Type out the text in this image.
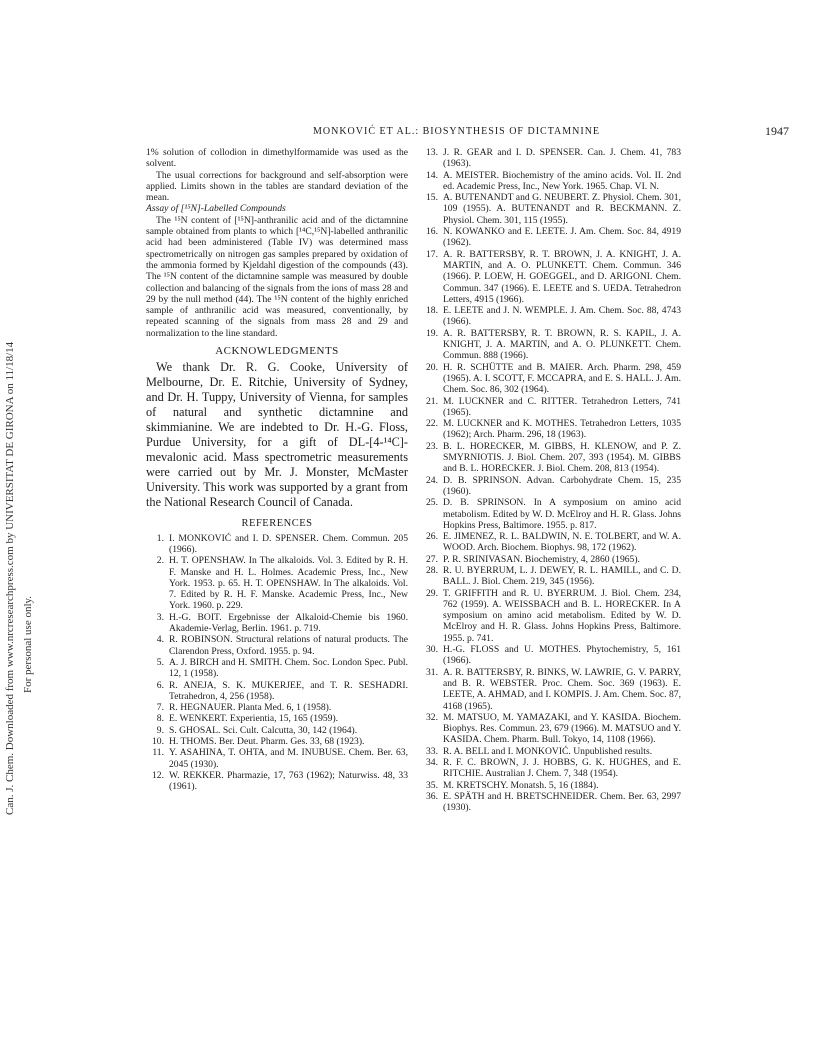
Can. J. Chem. Downloaded from www.nrcresearchpress.com by UNIVERSITAT DE GIRONA on 11/18/14 For personal use only.
MONKOVIĆ ET AL.: BIOSYNTHESIS OF DICTAMNINE	1947

1% solution of collodion in dimethylformamide was used as the solvent.

The usual corrections for background and self-absorption were applied. Limits shown in the tables are standard deviation of the mean.

Assay of [¹⁵N]-Labelled Compounds

The ¹⁵N content of [¹⁵N]-anthranilic acid and of the dictamnine sample obtained from plants to which [¹⁴C,¹⁵N]-labelled anthranilic acid had been administered (Table IV) was determined mass spectrometrically on nitrogen gas samples prepared by oxidation of the ammonia formed by Kjeldahl digestion of the compounds (43). The ¹⁵N content of the dictamnine sample was measured by double collection and balancing of the signals from the ions of mass 28 and 29 by the null method (44). The ¹⁵N content of the highly enriched sample of anthranilic acid was measured, conventionally, by repeated scanning of the signals from mass 28 and 29 and normalization to the line standard.

ACKNOWLEDGMENTS

We thank Dr. R. G. Cooke, University of Melbourne, Dr. E. Ritchie, University of Sydney, and Dr. H. Tuppy, University of Vienna, for samples of natural and synthetic dictamnine and skimmianine. We are indebted to Dr. H.-G. Floss, Purdue University, for a gift of DL-[4-¹⁴C]-mevalonic acid. Mass spectrometric measurements were carried out by Mr. J. Monster, McMaster University. This work was supported by a grant from the National Research Council of Canada.

REFERENCES
1. I. MONKOVIĆ and I. D. SPENSER. Chem. Commun. 205 (1966).
2. H. T. OPENSHAW. In The alkaloids. Vol. 3. Edited by R. H. F. Manske and H. L. Holmes. Academic Press, Inc., New York. 1953. p. 65. H. T. OPENSHAW. In The alkaloids. Vol. 7. Edited by R. H. F. Manske. Academic Press, Inc., New York. 1960. p. 229.
3. H.-G. BOIT. Ergebnisse der Alkaloid-Chemie bis 1960. Akademie-Verlag, Berlin. 1961. p. 719.
4. R. ROBINSON. Structural relations of natural products. The Clarendon Press, Oxford. 1955. p. 94.
5. A. J. BIRCH and H. SMITH. Chem. Soc. London Spec. Publ. 12, 1 (1958).
6. R. ANEJA, S. K. MUKERJEE, and T. R. SESHADRI. Tetrahedron, 4, 256 (1958).
7. R. HEGNAUER. Planta Med. 6, 1 (1958).
8. E. WENKERT. Experientia, 15, 165 (1959).
9. S. GHOSAL. Sci. Cult. Calcutta, 30, 142 (1964).
10. H. THOMS. Ber. Deut. Pharm. Ges. 33, 68 (1923).
11. Y. ASAHINA, T. OHTA, and M. INUBUSE. Chem. Ber. 63, 2045 (1930).
12. W. REKKER. Pharmazie, 17, 763 (1962); Naturwiss. 48, 33 (1961).
13. J. R. GEAR and I. D. SPENSER. Can. J. Chem. 41, 783 (1963).
14. A. MEISTER. Biochemistry of the amino acids. Vol. II. 2nd ed. Academic Press, Inc., New York. 1965. Chap. VI. N.
15. A. BUTENANDT and G. NEUBERT. Z. Physiol. Chem. 301, 109 (1955). A. BUTENANDT and R. BECKMANN. Z. Physiol. Chem. 301, 115 (1955).
16. N. KOWANKO and E. LEETE. J. Am. Chem. Soc. 84, 4919 (1962).
17. A. R. BATTERSBY, R. T. BROWN, J. A. KNIGHT, J. A. MARTIN, and A. O. PLUNKETT. Chem. Commun. 346 (1966). P. LOEW, H. GOEGGEL, and D. ARIGONI. Chem. Commun. 347 (1966). E. LEETE and S. UEDA. Tetrahedron Letters, 4915 (1966).
18. E. LEETE and J. N. WEMPLE. J. Am. Chem. Soc. 88, 4743 (1966).
19. A. R. BATTERSBY, R. T. BROWN, R. S. KAPIL, J. A. KNIGHT, J. A. MARTIN, and A. O. PLUNKETT. Chem. Commun. 888 (1966).
20. H. R. SCHÜTTE and B. MAIER. Arch. Pharm. 298, 459 (1965). A. I. SCOTT, F. MCCAPRA, and E. S. HALL. J. Am. Chem. Soc. 86, 302 (1964).
21. M. LUCKNER and C. RITTER. Tetrahedron Letters, 741 (1965).
22. M. LUCKNER and K. MOTHES. Tetrahedron Letters, 1035 (1962); Arch. Pharm. 296, 18 (1963).
23. B. L. HORECKER, M. GIBBS, H. KLENOW, and P. Z. SMYRNIOTIS. J. Biol. Chem. 207, 393 (1954). M. GIBBS and B. L. HORECKER. J. Biol. Chem. 208, 813 (1954).
24. D. B. SPRINSON. Advan. Carbohydrate Chem. 15, 235 (1960).
25. D. B. SPRINSON. In A symposium on amino acid metabolism. Edited by W. D. McElroy and H. R. Glass. Johns Hopkins Press, Baltimore. 1955. p. 817.
26. E. JIMENEZ, R. L. BALDWIN, N. E. TOLBERT, and W. A. WOOD. Arch. Biochem. Biophys. 98, 172 (1962).
27. P. R. SRINIVASAN. Biochemistry, 4, 2860 (1965).
28. R. U. BYERRUM, L. J. DEWEY, R. L. HAMILL, and C. D. BALL. J. Biol. Chem. 219, 345 (1956).
29. T. GRIFFITH and R. U. BYERRUM. J. Biol. Chem. 234, 762 (1959). A. WEISSBACH and B. L. HORECKER. In A symposium on amino acid metabolism. Edited by W. D. McElroy and H. R. Glass. Johns Hopkins Press, Baltimore. 1955. p. 741.
30. H.-G. FLOSS and U. MOTHES. Phytochemistry, 5, 161 (1966).
31. A. R. BATTERSBY, R. BINKS, W. LAWRIE, G. V. PARRY, and B. R. WEBSTER. Proc. Chem. Soc. 369 (1963). E. LEETE, A. AHMAD, and I. KOMPIS. J. Am. Chem. Soc. 87, 4168 (1965).
32. M. MATSUO, M. YAMAZAKI, and Y. KASIDA. Biochem. Biophys. Res. Commun. 23, 679 (1966). M. MATSUO and Y. KASIDA. Chem. Pharm. Bull. Tokyo, 14, 1108 (1966).
33. R. A. BELL and I. MONKOVIĆ. Unpublished results.
34. R. F. C. BROWN, J. J. HOBBS, G. K. HUGHES, and E. RITCHIE. Australian J. Chem. 7, 348 (1954).
35. M. KRETSCHY. Monatsh. 5, 16 (1884).
36. E. SPÄTH and H. BRETSCHNEIDER. Chem. Ber. 63, 2997 (1930).
